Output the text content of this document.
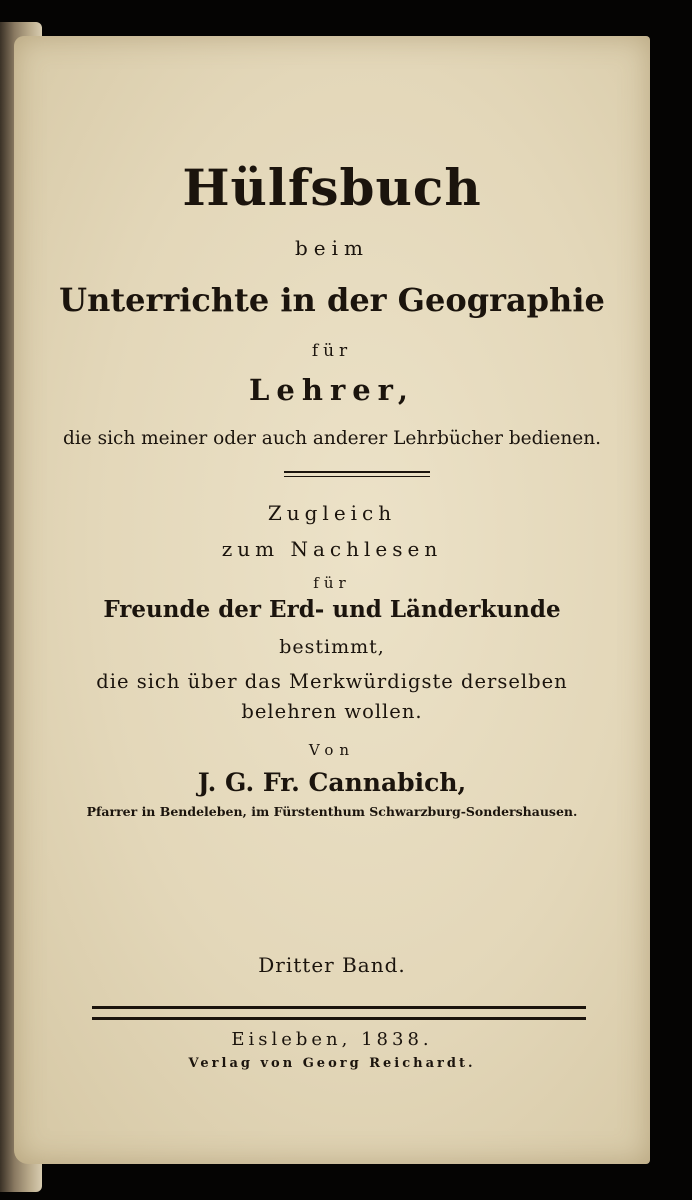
Hülfsbuch

beim

Unterrichte in der Geographie

für

Lehrer,

die sich meiner oder auch anderer Lehrbücher bedienen.

Zugleich

zum Nachlesen

für

Freunde der Erd- und Länderkunde

bestimmt,

die sich über das Merkwürdigste derselben

belehren wollen.

Von

J. G. Fr. Cannabich,

Pfarrer in Bendeleben, im Fürstenthum Schwarzburg-Sondershausen.

Dritter Band.

Eisleben, 1838.

Verlag von Georg Reichardt.
